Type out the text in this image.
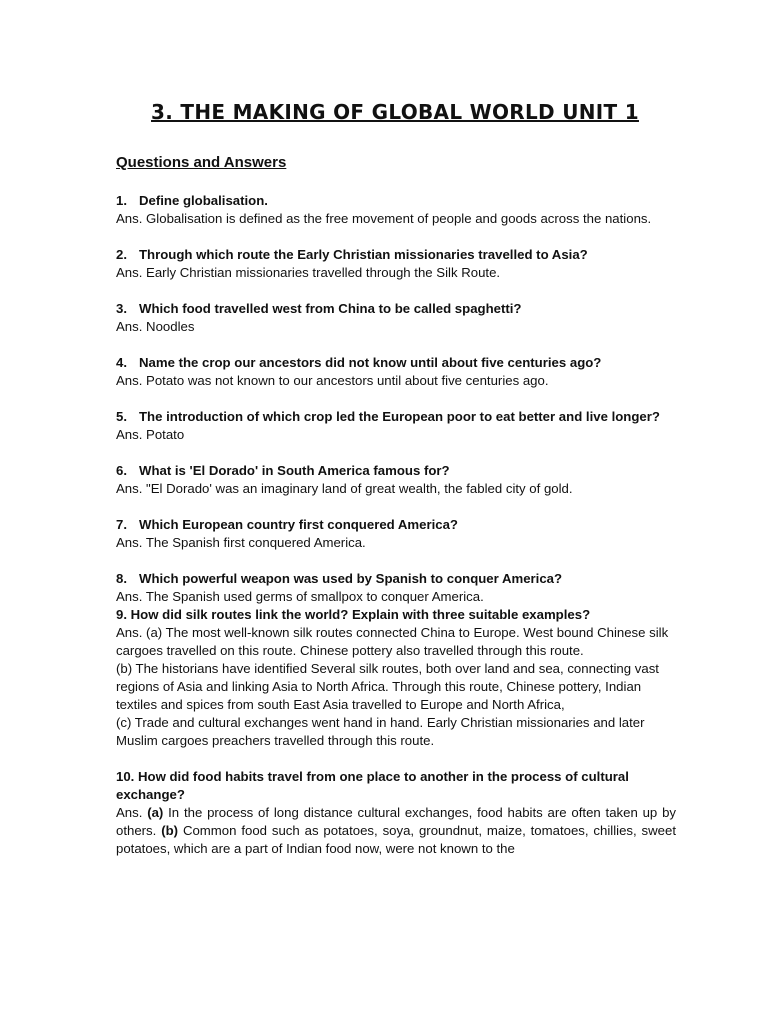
3. THE MAKING OF GLOBAL WORLD UNIT 1
Questions and Answers
1. Define globalisation.
Ans. Globalisation is defined as the free movement of people and goods across the nations.
2. Through which route the Early Christian missionaries travelled to Asia?
Ans. Early Christian missionaries travelled through the Silk Route.
3. Which food travelled west from China to be called spaghetti?
Ans. Noodles
4. Name the crop our ancestors did not know until about five centuries ago?
Ans. Potato was not known to our ancestors until about five centuries ago.
5. The introduction of which crop led the European poor to eat better and live longer?
Ans. Potato
6. What is 'El Dorado' in South America famous for?
Ans. "El Dorado' was an imaginary land of great wealth, the fabled city of gold.
7. Which European country first conquered America?
Ans. The Spanish first conquered America.
8. Which powerful weapon was used by Spanish to conquer America?
Ans. The Spanish used germs of smallpox to conquer America.
9. How did silk routes link the world? Explain with three suitable examples?
Ans. (a) The most well-known silk routes connected China to Europe. West bound Chinese silk cargoes travelled on this route. Chinese pottery also travelled through this route.
(b) The historians have identified Several silk routes, both over land and sea, connecting vast regions of Asia and linking Asia to North Africa. Through this route, Chinese pottery, Indian textiles and spices from south East Asia travelled to Europe and North Africa,
(c) Trade and cultural exchanges went hand in hand. Early Christian missionaries and later Muslim cargoes preachers travelled through this route.
10. How did food habits travel from one place to another in the process of cultural exchange?
Ans. (a) In the process of long distance cultural exchanges, food habits are often taken up by others. (b) Common food such as potatoes, soya, groundnut, maize, tomatoes, chillies, sweet potatoes, which are a part of Indian food now, were not known to the
